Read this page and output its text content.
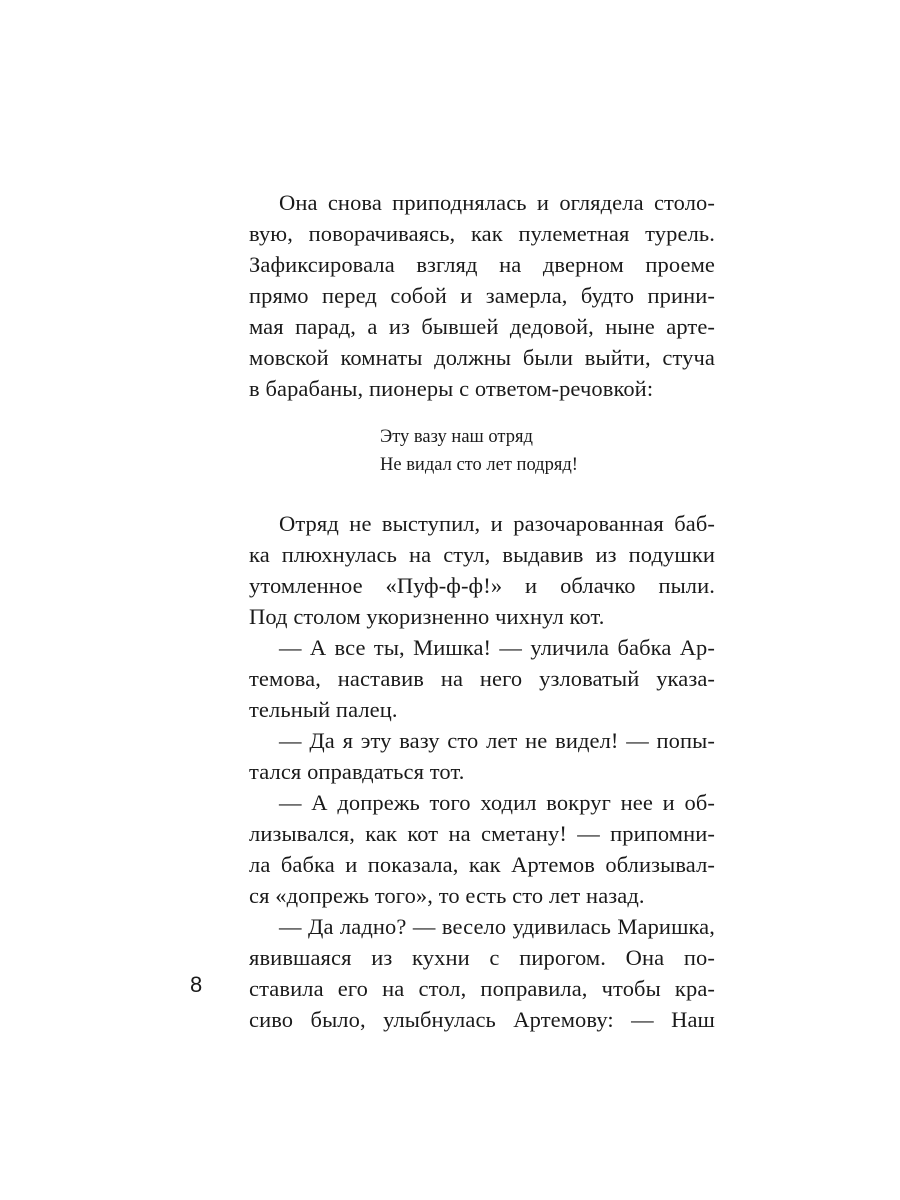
Она снова приподнялась и оглядела столо-
вую, поворачиваясь, как пулеметная турель.
Зафиксировала взгляд на дверном проеме
прямо перед собой и замерла, будто прини-
мая парад, а из бывшей дедовой, ныне арте-
мовской комнаты должны были выйти, стуча
в барабаны, пионеры с ответом-речовкой:
Эту вазу наш отряд
Не видал сто лет подряд!
Отряд не выступил, и разочарованная баб-
ка плюхнулась на стул, выдавив из подушки
утомленное «Пуф-ф-ф!» и облачко пыли.
Под столом укоризненно чихнул кот.
— А все ты, Мишка! — уличила бабка Ар-
темова, наставив на него узловатый указа-
тельный палец.
— Да я эту вазу сто лет не видел! — попы-
тался оправдаться тот.
— А допрежь того ходил вокруг нее и об-
лизывался, как кот на сметану! — припомни-
ла бабка и показала, как Артемов облизывал-
ся «допрежь того», то есть сто лет назад.
— Да ладно? — весело удивилась Маришка,
явившаяся из кухни с пирогом. Она по-
ставила его на стол, поправила, чтобы кра-
сиво было, улыбнулась Артемову: — Наш
8
